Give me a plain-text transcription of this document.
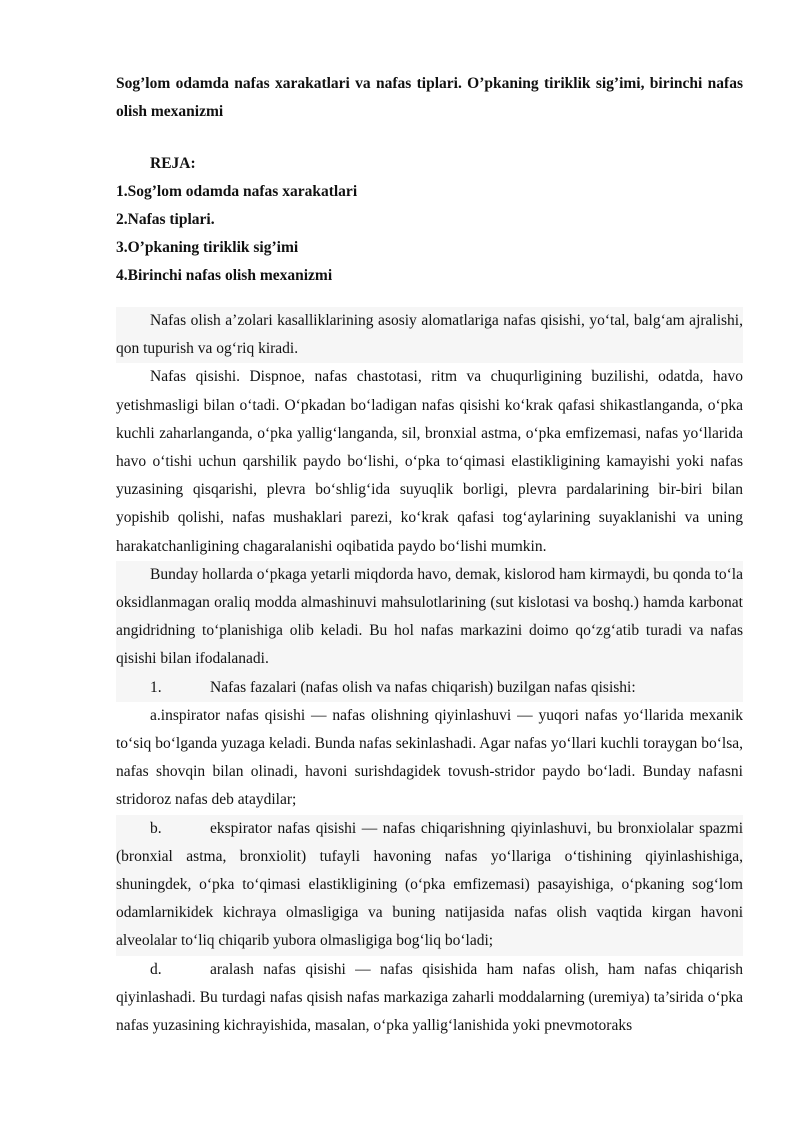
Sog’lom odamda nafas xarakatlari va nafas tiplari. O’pkaning tiriklik sig’imi, birinchi nafas olish mexanizmi

REJA:

1.Sog’lom odamda nafas xarakatlari

2.Nafas tiplari.

3.O’pkaning tiriklik sig’imi

4.Birinchi nafas olish mexanizmi

Nafas olish a’zolari kasalliklarining asosiy alomatlariga nafas qisishi, yo‘tal, balg‘am ajralishi, qon tupurish va og‘riq kiradi.

Nafas qisishi. Dispnoe, nafas chastotasi, ritm va chuqurligining buzilishi, odatda, havo yetishmasligi bilan o‘tadi. O‘pkadan bo‘ladigan nafas qisishi ko‘krak qafasi shikastlanganda, o‘pka kuchli zaharlanganda, o‘pka yallig‘langanda, sil, bronxial astma, o‘pka emfizemasi, nafas yo‘llarida havo o‘tishi uchun qarshilik paydo bo‘lishi, o‘pka to‘qimasi elastikligining kamayishi yoki nafas yuzasining qisqarishi, plevra bo‘shlig‘ida suyuqlik borligi, plevra pardalarining bir-biri bilan yopishib qolishi, nafas mushaklari parezi, ko‘krak qafasi tog‘aylarining suyaklanishi va uning harakatchanligining chagaralanishi oqibatida paydo bo‘lishi mumkin.

Bunday hollarda o‘pkaga yetarli miqdorda havo, demak, kislorod ham kirmaydi, bu qonda to‘la oksidlanmagan oraliq modda almashinuvi mahsulotlarining (sut kislotasi va boshq.) hamda karbonat angidridning to‘planishiga olib keladi. Bu hol nafas markazini doimo qo‘zg‘atib turadi va nafas qisishi bilan ifodalanadi.

1.	Nafas fazalari (nafas olish va nafas chiqarish) buzilgan nafas qisishi:

a.inspirator nafas qisishi — nafas olishning qiyinlashuvi — yuqori nafas yo‘llarida mexanik to‘siq bo‘lganda yuzaga keladi. Bunda nafas sekinlashadi. Agar nafas yo‘llari kuchli toraygan bo‘lsa, nafas shovqin bilan olinadi, havoni surishdagidek tovush-stridor paydo bo‘ladi. Bunday nafasni stridoroz nafas deb ataydilar;

b.	ekspirator nafas qisishi — nafas chiqarishning qiyinlashuvi, bu bronxiolalar spazmi (bronxial astma, bronxiolit) tufayli havoning nafas yo‘llariga o‘tishining qiyinlashishiga, shuningdek, o‘pka to‘qimasi elastikligining (o‘pka emfizemasi) pasayishiga, o‘pkaning sog‘lom odamlarnikidek kichraya olmasligiga va buning natijasida nafas olish vaqtida kirgan havoni alveolalar to‘liq chiqarib yubora olmasligiga bog‘liq bo‘ladi;

d.	aralash nafas qisishi — nafas qisishida ham nafas olish, ham nafas chiqarish qiyinlashadi. Bu turdagi nafas qisish nafas markaziga zaharli moddalarning (uremiya) ta’sirida o‘pka nafas yuzasining kichrayishida, masalan, o‘pka yallig‘lanishida yoki pnevmotoraks
